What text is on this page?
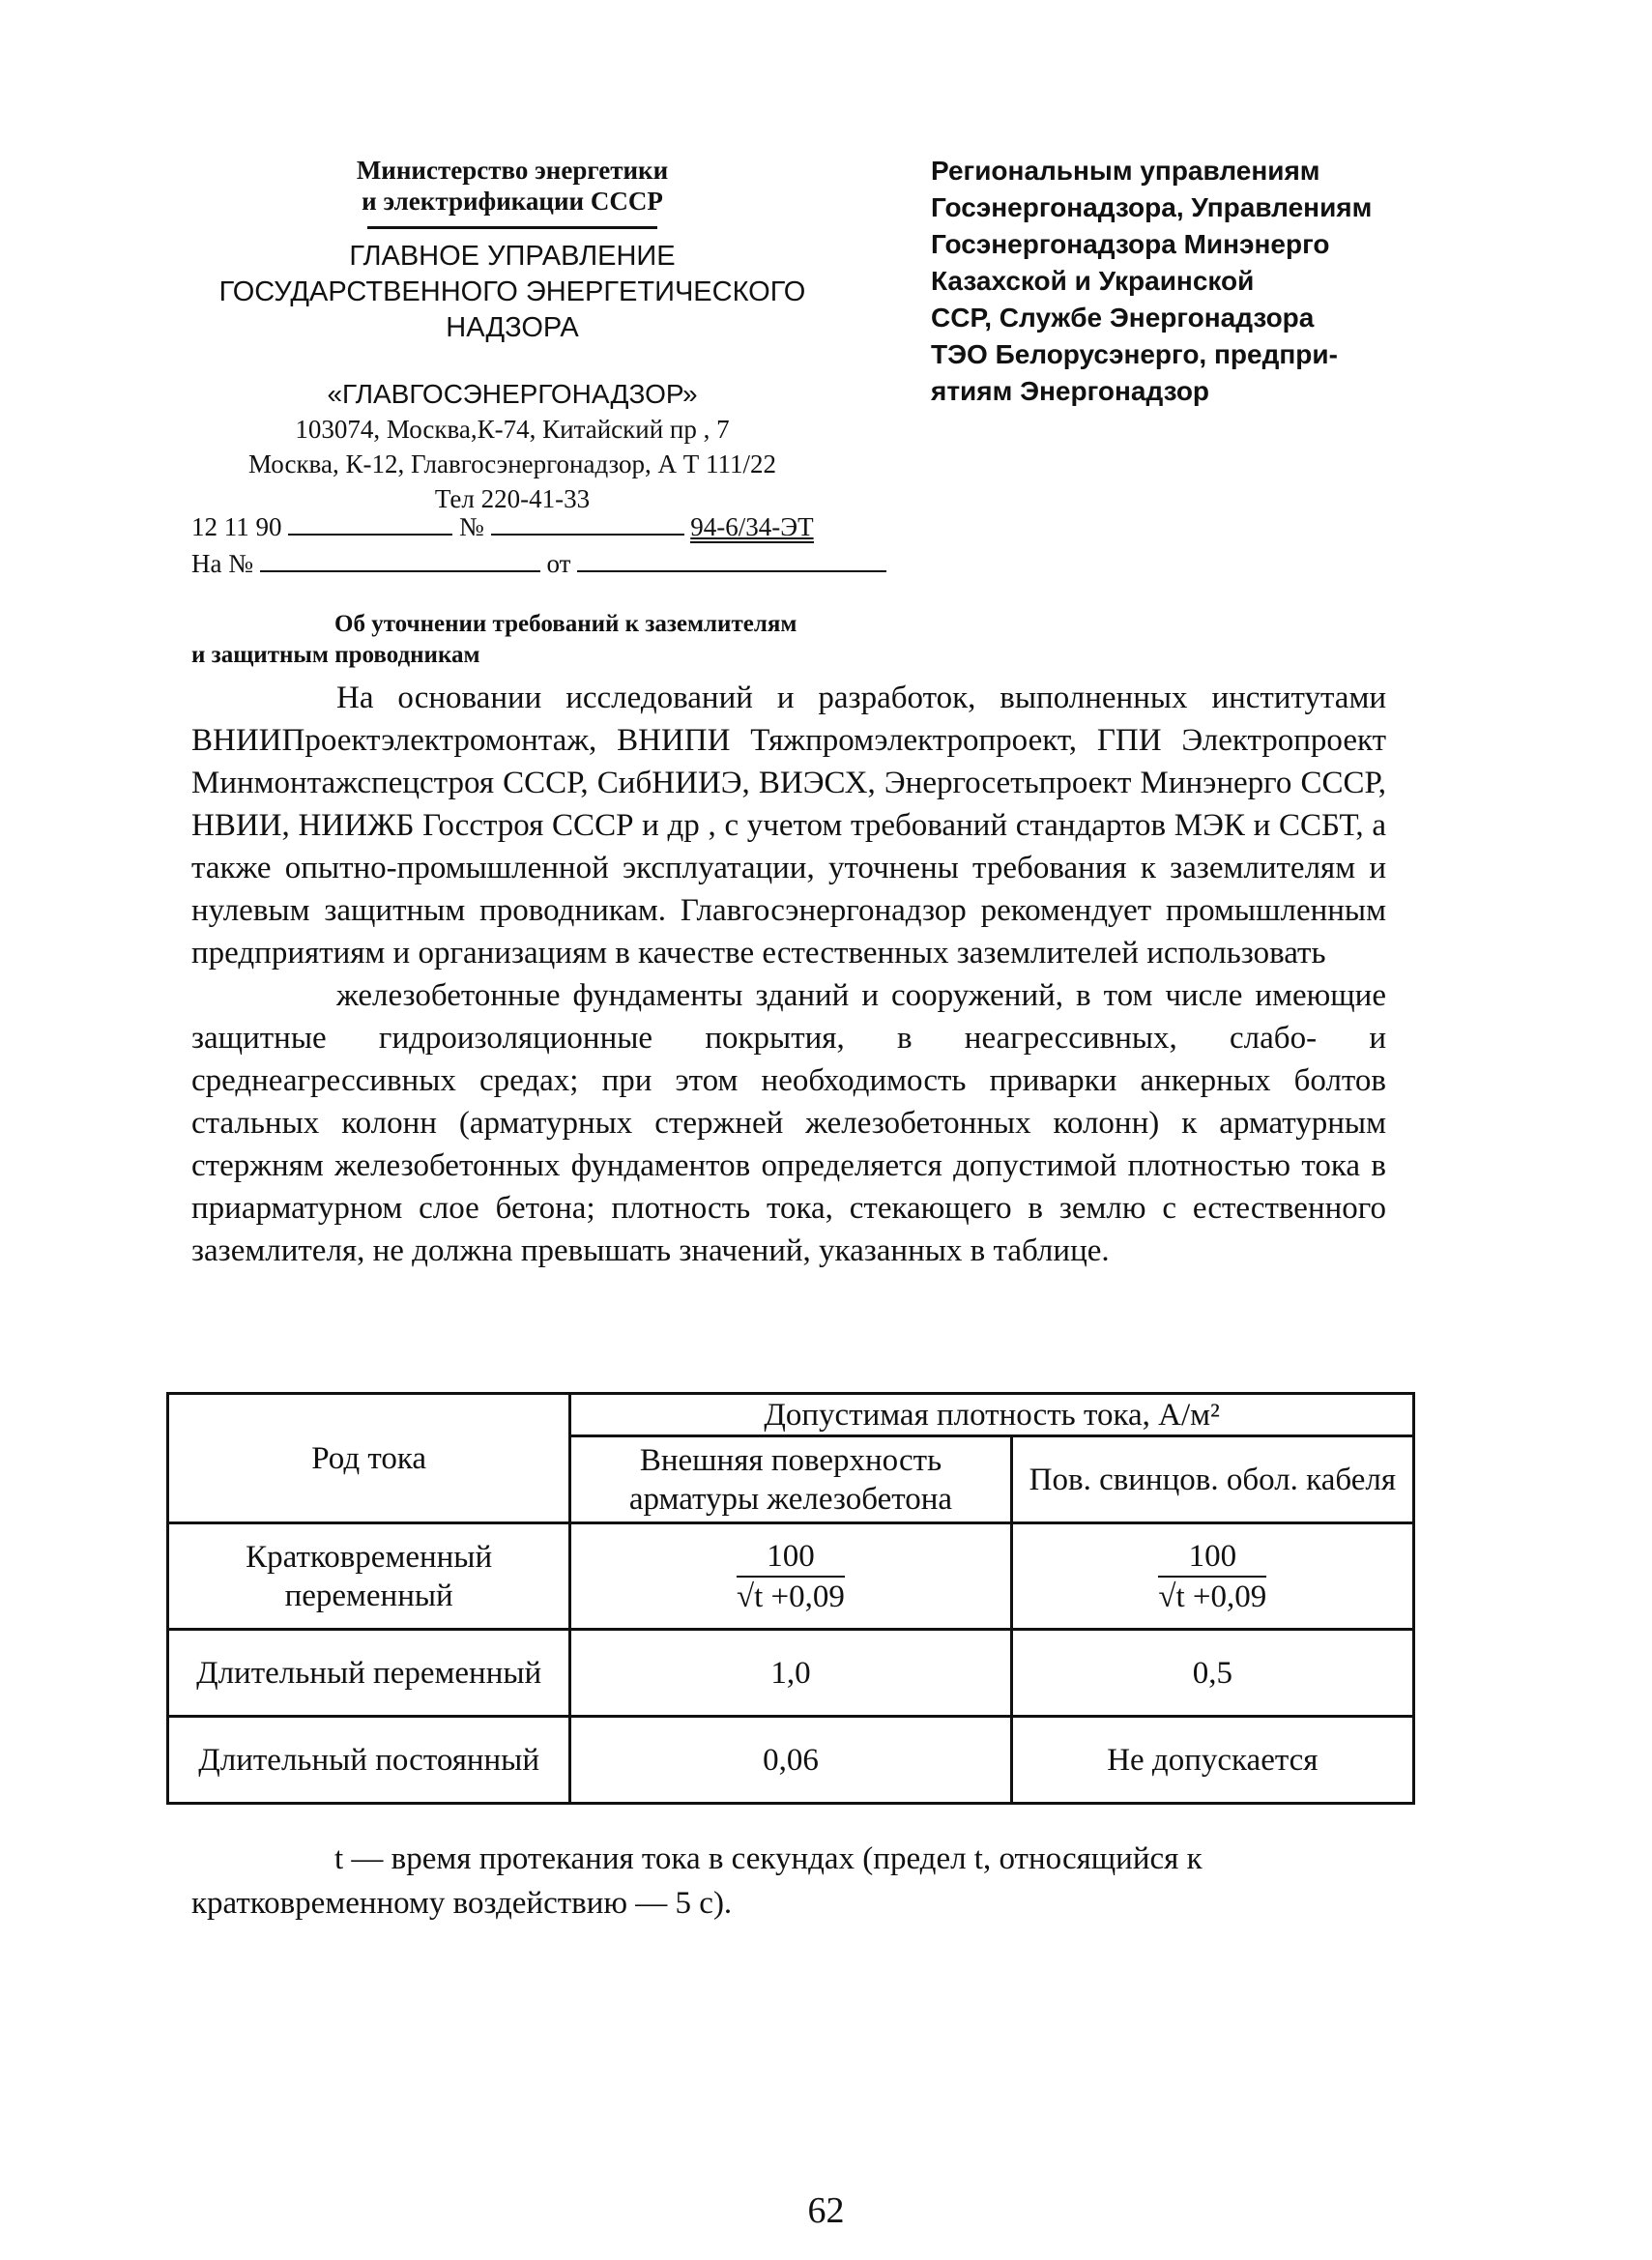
Министерство энергетики
и электрификации СССР
ГЛАВНОЕ УПРАВЛЕНИЕ
ГОСУДАРСТВЕННОГО ЭНЕРГЕТИЧЕСКОГО
НАДЗОРА
«ГЛАВГОСЭНЕРГОНАДЗОР»
103074, Москва,К-74, Китайский пр , 7
Москва, К-12, Главгосэнергонадзор, А Т 111/22
Тел 220-41-33
12 11 90	№	94-6/34-ЭТ
На №	от
Региональным управлениям
Госэнергонадзора, Управлениям
Госэнергонадзора Минэнерго
Казахской и Украинской
ССР, Службе Энергонадзора
ТЭО Белорусэнерго, предпри-
ятиям Энергонадзор
Об уточнении требований к заземлителям
и защитным проводникам
На основании исследований и разработок, выполненных институтами ВНИИПроектэлектромонтаж, ВНИПИ Тяжпромэлектропроект, ГПИ Электропроект Минмонтажспецстроя СССР, СибНИИЭ, ВИЭСХ, Энергосетьпроект Минэнерго СССР, НВИИ, НИИЖБ Госстроя СССР и др , с учетом требований стандартов МЭК и ССБТ, а также опытно-промышленной эксплуатации, уточнены требования к заземлителям и нулевым защитным проводникам. Главгосэнергонадзор рекомендует промышленным предприятиям и организациям в качестве естественных заземлителей использовать
железобетонные фундаменты зданий и сооружений, в том числе имеющие защитные гидроизоляционные покрытия, в неагрессивных, слабо- и среднеагрессивных средах; при этом необходимость приварки анкерных болтов стальных колонн (арматурных стержней железобетонных колонн) к арматурным стержням железобетонных фундаментов определяется допустимой плотностью тока в приарматурном слое бетона; плотность тока, стекающего в землю с естественного заземлителя, не должна превышать значений, указанных в таблице.
Род тока	Допустимая плотность тока, А/м²	
	Внешняя поверхность арматуры железобетона	Пов. свинцов. обол. кабеля
Кратковременный переменный	$\frac{100}{√t +0,09}$	$\frac{100}{√t +0,09}$

Длительный переменный	1,0	0,5
Длительный постоянный	0,06	Не допускается
t — время протекания тока в секундах (предел t, относящийся к
кратковременному воздействию — 5 с).
62
